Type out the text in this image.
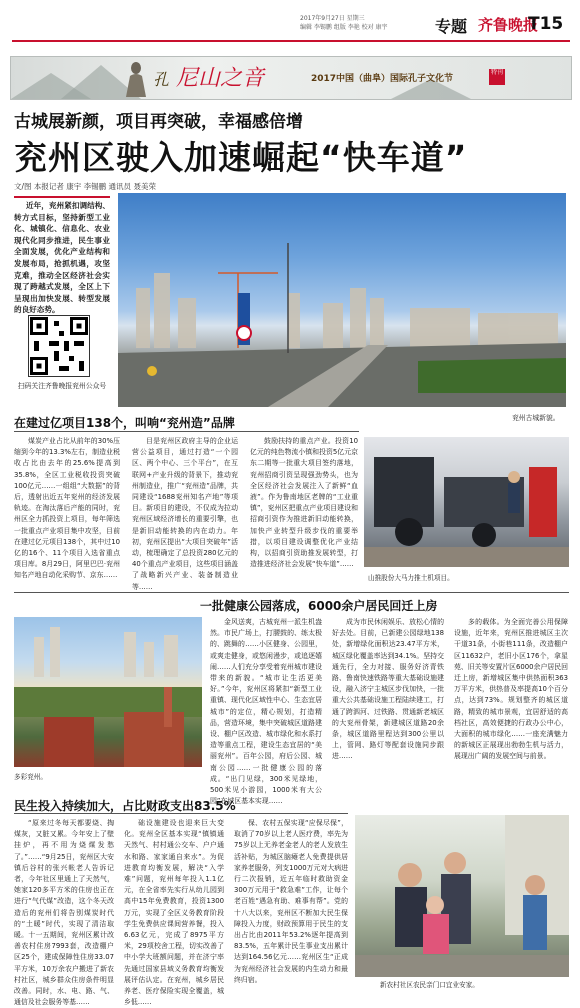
2017年9月27日 星期三
编辑 李锡鹏 组版 李艳 校对 康宇	专题 齐鲁晚报
T15
孔 尼山之音	2017中国（曲阜）国际孔子文化节
特刊
古城展新颜，项目再突破，幸福感倍增
兖州区驶入加速崛起“快车道”
文/图 本报记者 康宇 李锡鹏 通讯员 聂美荣
近年，兖州紧扣调结构、转方式目标，坚持新型工业化、城镇化、信息化、农业现代化同步推进，民生事业全面发展，优化产业结构和发展布局，抢抓机遇，攻坚克难，推动全区经济社会实现了跨越式发展，全区上下呈现出加快发展、转型发展的良好态势。
扫码关注齐鲁晚报兖州公众号
兖州古城新貌。
在建过亿项目138个，叫响“兖州造”品牌
煤炭产业占比从前年的30%压缩到今年的13.3%左右，制造业税收占比由去年的25.6%提高到35.8%，全区工业税收投资突破100亿元……一组组“大数据”的背后，透射出近五年兖州的经济发展轨迹。在淘汰落后产能的同时，兖州区全力抓投资上项目，每年筛选一批重点产业项目集中攻坚，目前在建过亿元项目138个，其中过10亿的16个、11个项目入选省重点项目库。8月29日，阿里巴巴·兖州知名产地自动化采购节、京东……
目是兖州区政府主导的企业运营公益项目，通过打造“一个园区、两个中心、三个平台”，在互联网+产业升级的背景下，推动兖州制造业，推广“兖州造”品牌，共同建设“1688兖州知名产地”等项目。新项目的建设，不仅成为拉动兖州区域经济增长的重要引擎，也是新旧动能转换的内在动力。年初，兖州区提出“大项目突破年”活动，梳理确定了总投资280亿元的40个重点产业项目，这些项目涵盖了战略新兴产业、装备制造业等……
鼓励扶持的重点产业。投资10亿元的纯色物流小镇和投资5亿元京东二期等一批重大项目签约落地，兖州招商引资呈现强劲势头，也为全区经济社会发展注入了新鲜“血液”。作为鲁南地区老牌的“工业重镇”，兖州区把重点产业项目建设和招商引资作为推进新旧动能转换，加快产业转型升级步伐的重要举措，以项目建设调整优化产业结构，以招商引资助推发展转型，打造推进经济社会发展“快车道”……
山推股份大马力推土机项目。
一批健康公园落成，6000余户居民回迁上房
多彩兖州。
金风送爽，古城兖州一派生机盎然。市民广场上，打腰鼓的、练太极的、跳舞的……小区健身、公园里，或爽走健身，或悠闲漫步，或追逐嬉闹……人们充分享受着兖州城市建设带来的新貌。“城市让生活更美好。”今年，兖州区将紧扣“新型工业重镇、现代化区域性中心、生态宜居城市”的定位，精心规划，打造精品，营造环境，集中突破城区道路建设、棚户区改造、城市绿化和水系打造等重点工程，建设生态宜居的“美丽兖州”。百年公园，府后公园、城南公园……一批健康公园的落成。“出门见绿，300米见绿地，500米见小游园，1000米有大公园”在城区基本实现……
成为市民休闲娱乐、放松心情的好去处。目前，已新建公园绿地138处，新增绿化面积达23.47平方米，城区绿化覆盖率达到34.1%。坚持交通先行，全力对接、服务好济青铁路、鲁南快速铁路等重大基础设施建设，融入济宁主城区步伐加快，一批重大公共基础设施工程陆续建工，打通了跨泗河、过铁路、贯通新老城区的大兖州骨架，新建城区道路20余条，城区道路里程达到300公里以上，管网、路灯等配套设施同步跟进……
多的载体。为全面完善公用保障设施，近年来，兖州区推进城区主次干道31条，小街巷111条，改造棚户区11632户，老旧小区176个，拿星苑、旧关等安置片区6000余户居民回迁上房，新增城区集中供热面积363万平方米，供热普及率提高10个百分点，达到73%。规划整齐的城区道路，精致的城市景观，宜居舒适的高档社区，高效便捷的行政办公中心，大面积的城市绿化……一座充满魅力的新城区正展现出勃勃生机与活力，展现出广阔的发展空间与前景。
民生投入持续加大，占比财政支出83.5%
“原来过冬每天都要烧、掏煤灰，又脏又累。今年安上了壁挂炉，再不用为烧煤发愁了。”……“9月25日，兖州区大安镇后谷村的张兴帐老人告诉记者，今年社区里通上了天然气，她家120多平方米的住房也正在进行“气代煤”改造，这个冬天改造后的兖州们将告别煤炭时代的“土暖”时代，实现了清洁取暖。十一五期间，兖州区累计改善农村住房7993套，改造棚户区25个，建成保障性住房33.07平方米，10万余农户搬进了新农村社区，城乡群众住房条件明显改善。同时，水、电、路、气、通信及社会服务等基……
础设施建设也迎来巨大变化。兖州全区基本实现“镇镇通天然气、村村通公交车、户户通水和路、家家通自来水”。为促进教育均衡发展，解决“入学难”问题，兖州每年投入1.1亿元，在全省率先实行从幼儿园到高中15年免费教育，投资1300万元，实现了全区义务教育阶段学生免费供应课间营养餐，投入6.63亿元，完成了8975平方米，29项校舍工程，切实改善了中小学大班额问题，并在济宁率先通过国家县域义务教育均衡发展评估认定。在兖州，城乡居民养老、医疗保险实现全覆盖，城乡低……
保、农村五保实现“应保尽保”，取消了70岁以上老人医疗费，率先为75岁以上无养老金老人的老人发放生活补贴，为城区脑瘫老人免费提供居家养老服务，列支1000万元对大病进行二次报销，近五年临时救助资金300万元用于“救急难”工作，让每个老百姓“遇急有助、难事有帮”。党的十八大以来，兖州区不断加大民生保障投入力度，财政预算用于民生的支出占比由2011年53.2%逐年提高到83.5%，五年累计民生事业支出累计达到164.56亿元……兖州区生“正成为兖州经济社会发展的内生动力和最终归宿。
新农村社区农民亲门口宜业安家。
